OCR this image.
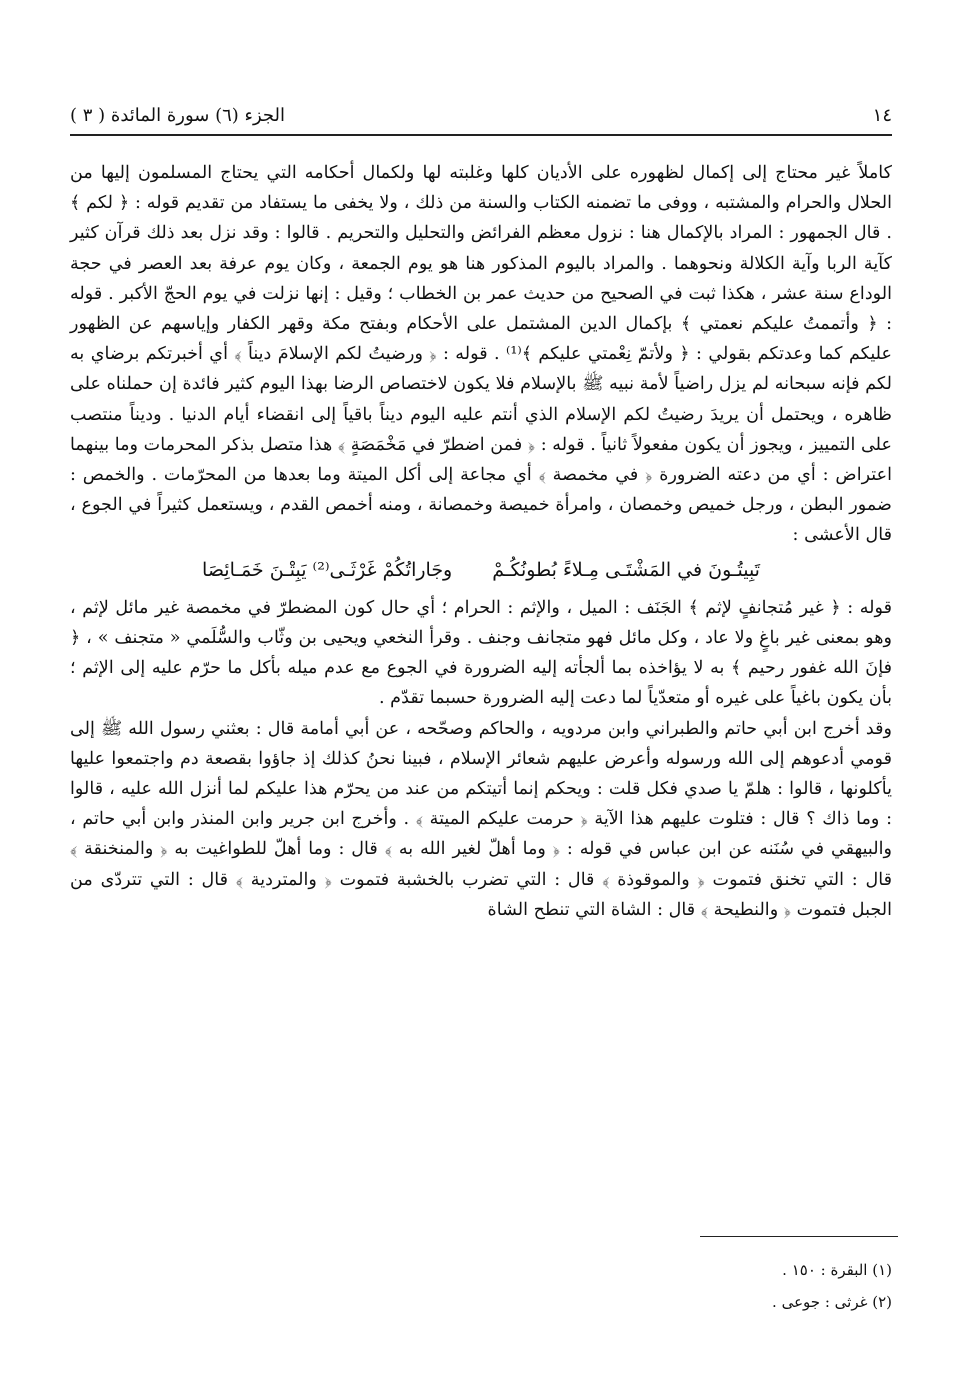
١٤
الجزء (٦) سورة المائدة ( ٣ )

كاملاً غير محتاج إلى إكمال لظهوره على الأديان كلها وغلبته لها ولكمال أحكامه التي يحتاج المسلمون إليها من الحلال والحرام والمشتبه ، ووفى ما تضمنه الكتاب والسنة من ذلك ، ولا يخفى ما يستفاد من تقديم قوله : ﴿ لكم ﴾ . قال الجمهور : المراد بالإكمال هنا : نزول معظم الفرائض والتحليل والتحريم . قالوا : وقد نزل بعد ذلك قرآن كثير كآية الربا وآية الكلالة ونحوهما . والمراد باليوم المذكور هنا هو يوم الجمعة ، وكان يوم عرفة بعد العصر في حجة الوداع سنة عشر ، هكذا ثبت في الصحيح من حديث عمر بن الخطاب ؛ وقيل : إنها نزلت في يوم الحجّ الأكبر . قوله : ﴿ وأتممتُ عليكم نعمتي ﴾ بإكمال الدين المشتمل على الأحكام وبفتح مكة وقهر الكفار وإياسهم عن الظهور عليكم كما وعدتكم بقولي : ﴿ ولأتمّ نِعْمتي عليكم ﴾⁽¹⁾ . قوله : ﴿ ورضيتُ لكم الإسلامَ ديناً ﴾ أي أخبرتكم برضاي به لكم فإنه سبحانه لم يزل راضياً لأمة نبيه ﷺ بالإسلام فلا يكون لاختصاص الرضا بهذا اليوم كثير فائدة إن حملناه على ظاهره ، ويحتمل أن يريدَ رضيتُ لكم الإسلام الذي أنتم عليه اليوم ديناً باقياً إلى انقضاء أيام الدنيا . وديناً منتصب على التمييز ، ويجوز أن يكون مفعولاً ثانياً . قوله : ﴿ فمن اضطرّ في مَخْمَصَةٍ ﴾ هذا متصل بذكر المحرمات وما بينهما اعتراض : أي من دعته الضرورة ﴿ في مخمصة ﴾ أي مجاعة إلى أكل الميتة وما بعدها من المحرّمات . والخمص : ضمور البطن ، ورجل خميص وخمصان ، وامرأة خميصة وخمصانة ، ومنه أخمص القدم ، ويستعمل كثيراً في الجوع ، قال الأعشى :

تَبِيتُـونَ في المَشْتَـى مِـلاءً بُطونُكُـمْ
وجَاراتُكُمْ غَرْثَـى⁽²⁾ يَبِتْـنَ خَمَـائِصَا

قوله : ﴿ غير مُتجانفٍ لإثم ﴾ الجَنَف : الميل ، والإثم : الحرام ؛ أي حال كون المضطرّ في مخمصة غير مائل لإثم ، وهو بمعنى غير باغٍ ولا عاد ، وكل مائل فهو متجانف وجنف . وقرأ النخعي ويحيى بن وثّاب والسُّلَمي « متجنف » ، ﴿ فإنَ الله غفور رحيم ﴾ به لا يؤاخذه بما ألجأته إليه الضرورة في الجوع مع عدم ميله بأكل ما حرّم عليه إلى الإثم ؛ بأن يكون باغياً على غيره أو متعدّياً لما دعت إليه الضرورة حسبما تقدّم .

وقد أخرج ابن أبي حاتم والطبراني وابن مردويه ، والحاكم وصحّحه ، عن أبي أمامة قال : بعثني رسول الله ﷺ إلى قومي أدعوهم إلى الله ورسوله وأعرض عليهم شعائر الإسلام ، فبينا نحنُ كذلك إذ جاؤوا بقصعة دم واجتمعوا عليها يأكلونها ، قالوا : هلمّ يا صدي فكل قلت : ويحكم إنما أتيتكم من عند من يحرّم هذا عليكم لما أنزل الله عليه ، قالوا : وما ذاك ؟ قال : فتلوت عليهم هذا الآية ﴿ حرمت عليكم الميتة ﴾ . وأخرج ابن جرير وابن المنذر وابن أبي حاتم ، والبيهقي في سُنَنه عن ابن عباس في قوله : ﴿ وما أهلّ لغير الله به ﴾ قال : وما أهلّ للطواغيت به ﴿ والمنخنقة ﴾ قال : التي تخنق فتموت ﴿ والموقوذة ﴾ قال : التي تضرب بالخشبة فتموت ﴿ والمتردية ﴾ قال : التي تتردّى من الجبل فتموت ﴿ والنطيحة ﴾ قال : الشاة التي تنطح الشاة

(١) البقرة : ١٥٠ .

(٢) غرثى : جوعى .
